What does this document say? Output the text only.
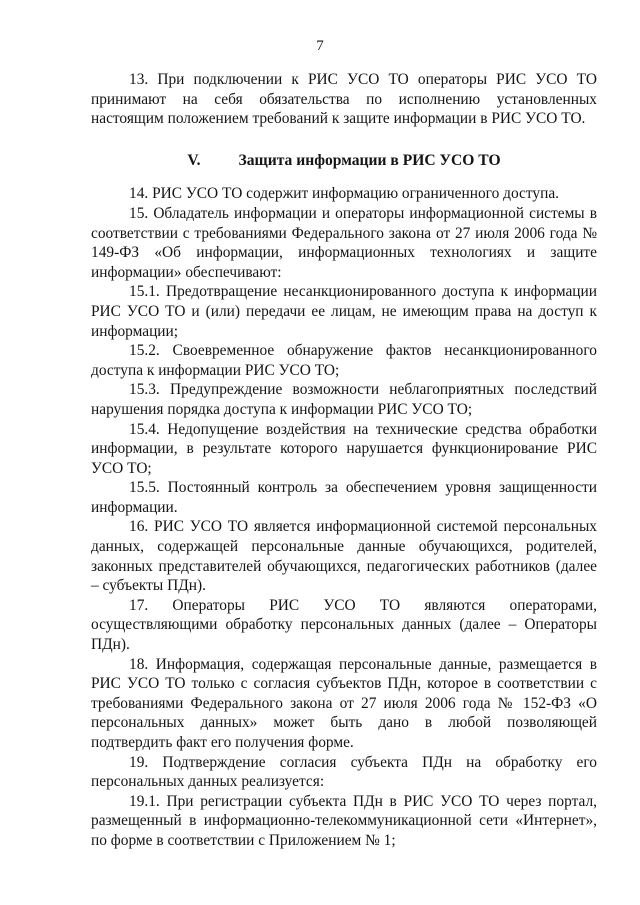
7

13. При подключении к РИС УСО ТО операторы РИС УСО ТО принимают на себя обязательства по исполнению установленных настоящим положением требований к защите информации в РИС УСО ТО.

V. Защита информации в РИС УСО ТО

14. РИС УСО ТО содержит информацию ограниченного доступа.

15. Обладатель информации и операторы информационной системы в соответствии с требованиями Федерального закона от 27 июля 2006 года № 149-ФЗ «Об информации, информационных технологиях и защите информации» обеспечивают:

15.1. Предотвращение несанкционированного доступа к информации РИС УСО ТО и (или) передачи ее лицам, не имеющим права на доступ к информации;

15.2. Своевременное обнаружение фактов несанкционированного доступа к информации РИС УСО ТО;

15.3. Предупреждение возможности неблагоприятных последствий нарушения порядка доступа к информации РИС УСО ТО;

15.4. Недопущение воздействия на технические средства обработки информации, в результате которого нарушается функционирование РИС УСО ТО;

15.5. Постоянный контроль за обеспечением уровня защищенности информации.

16. РИС УСО ТО является информационной системой персональных данных, содержащей персональные данные обучающихся, родителей, законных представителей обучающихся, педагогических работников (далее – субъекты ПДн).

17. Операторы РИС УСО ТО являются операторами, осуществляющими обработку персональных данных (далее – Операторы ПДн).

18. Информация, содержащая персональные данные, размещается в РИС УСО ТО только с согласия субъектов ПДн, которое в соответствии с требованиями Федерального закона от 27 июля 2006 года № 152-ФЗ «О персональных данных» может быть дано в любой позволяющей подтвердить факт его получения форме.

19. Подтверждение согласия субъекта ПДн на обработку его персональных данных реализуется:

19.1. При регистрации субъекта ПДн в РИС УСО ТО через портал, размещенный в информационно-телекоммуникационной сети «Интернет», по форме в соответствии с Приложением № 1;
